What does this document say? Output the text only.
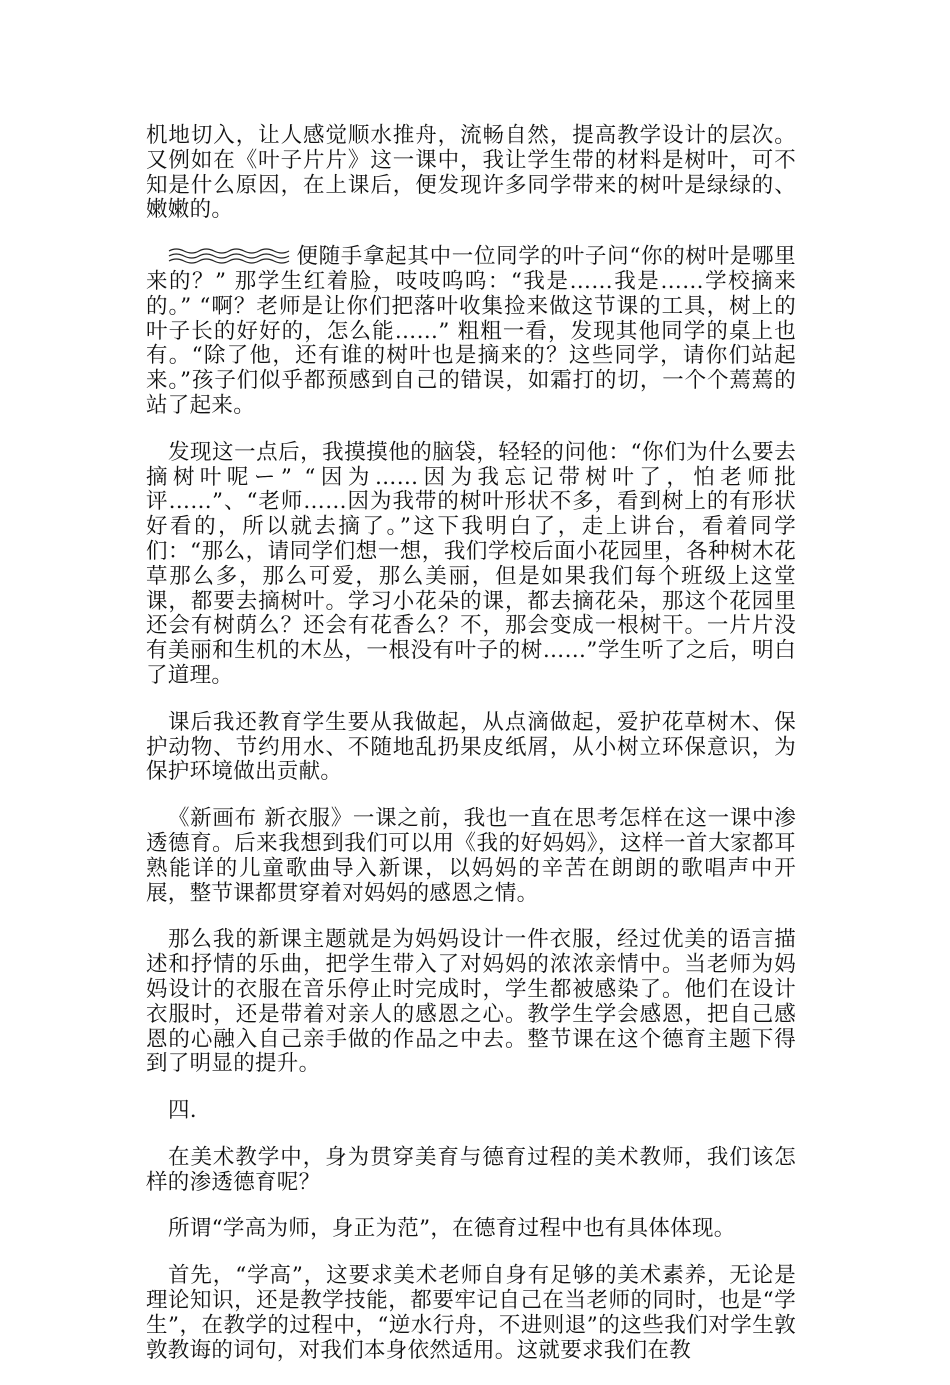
机地切入，让人感觉顺水推舟，流畅自然，提高教学设计的层次。又例如在《叶子片片》这一课中，我让学生带的材料是树叶，可不知是什么原因，在上课后，便发现许多同学带来的树叶是绿绿的、嫩嫩的。

便随手拿起其中一位同学的叶子问“你的树叶是哪里来的？” 那学生红着脸，吱吱呜呜：“我是……我是……学校摘来的。” “啊？老师是让你们把落叶收集捡来做这节课的工具，树上的叶子长的好好的，怎么能……” 粗粗一看，发现其他同学的桌上也有。“除了他，还有谁的树叶也是摘来的？这些同学，请你们站起来。”孩子们似乎都预感到自己的错误，如霜打的切，一个个蔫蔫的站了起来。

发现这一点后，我摸摸他的脑袋，轻轻的问他：“你们为什么要去摘树叶呢ー” “因为……因为我忘记带树叶了，怕老师批评……”、“老师……因为我带的树叶形状不多，看到树上的有形状好看的，所以就去摘了。”这下我明白了，走上讲台，看着同学们：“那么，请同学们想一想，我们学校后面小花园里，各种树木花草那么多，那么可爱，那么美丽，但是如果我们每个班级上这堂课，都要去摘树叶。学习小花朵的课，都去摘花朵，那这个花园里还会有树荫么？还会有花香么？不，那会变成一根树干。一片片没有美丽和生机的木丛，一根没有叶子的树……”学生听了之后，明白了道理。

课后我还教育学生要从我做起，从点滴做起，爱护花草树木、保护动物、节约用水、不随地乱扔果皮纸屑，从小树立环保意识，为保护环境做出贡献。

《新画布 新衣服》一课之前，我也一直在思考怎样在这一课中渗透德育。后来我想到我们可以用《我的好妈妈》，这样一首大家都耳熟能详的儿童歌曲导入新课，以妈妈的辛苦在朗朗的歌唱声中开展，整节课都贯穿着对妈妈的感恩之情。

那么我的新课主题就是为妈妈设计一件衣服，经过优美的语言描述和抒情的乐曲，把学生带入了对妈妈的浓浓亲情中。当老师为妈妈设计的衣服在音乐停止时完成时，学生都被感染了。他们在设计衣服时，还是带着对亲人的感恩之心。教学生学会感恩，把自己感恩的心融入自己亲手做的作品之中去。整节课在这个德育主题下得到了明显的提升。

四.

在美术教学中，身为贯穿美育与德育过程的美术教师，我们该怎样的渗透德育呢？

所谓“学高为师，身正为范”，在德育过程中也有具体体现。

首先，“学高”，这要求美术老师自身有足够的美术素养，无论是理论知识，还是教学技能，都要牢记自己在当老师的同时，也是“学生”，在教学的过程中，“逆水行舟，不进则退”的这些我们对学生敦敦教诲的词句，对我们本身依然适用。这就要求我们在教
